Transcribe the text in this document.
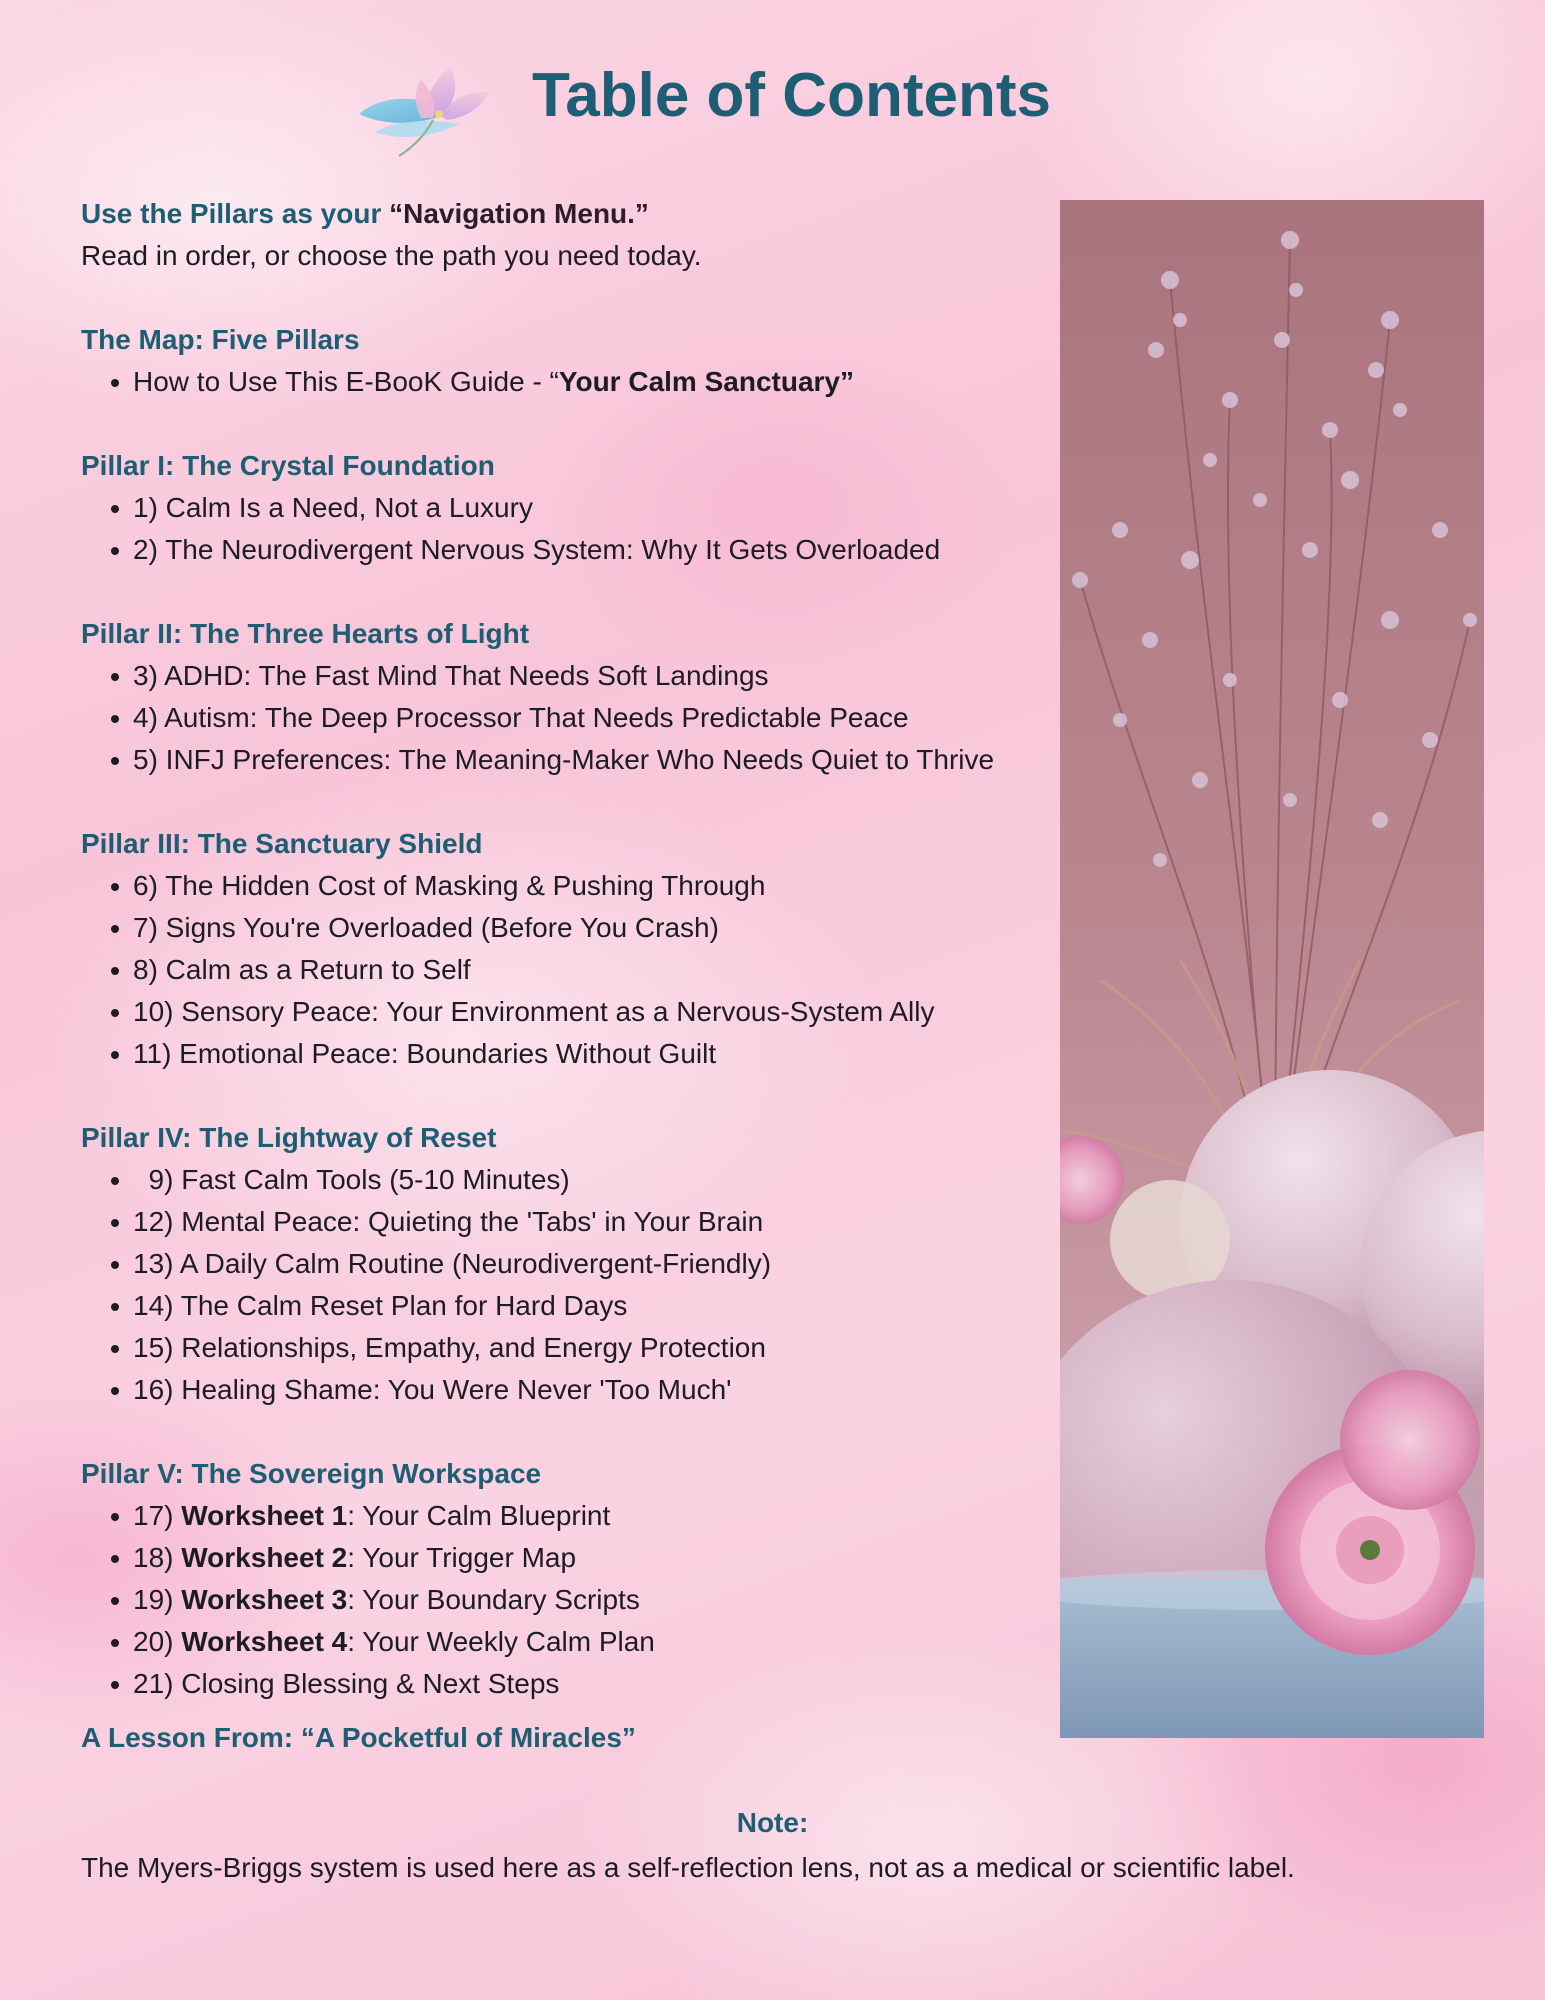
Table of Contents
Use the Pillars as your “Navigation Menu.”
Read in order, or choose the path you need today.
The Map: Five Pillars
How to Use This E-BooK Guide - “Your Calm Sanctuary”
Pillar I: The Crystal Foundation
1) Calm Is a Need, Not a Luxury
2) The Neurodivergent Nervous System: Why It Gets Overloaded
Pillar II: The Three Hearts of Light
3) ADHD: The Fast Mind That Needs Soft Landings
4) Autism: The Deep Processor That Needs Predictable Peace
5) INFJ Preferences: The Meaning-Maker Who Needs Quiet to Thrive
Pillar III: The Sanctuary Shield
6) The Hidden Cost of Masking & Pushing Through
7) Signs You're Overloaded (Before You Crash)
8) Calm as a Return to Self
10) Sensory Peace: Your Environment as a Nervous-System Ally
11) Emotional Peace: Boundaries Without Guilt
Pillar IV: The Lightway of Reset
9) Fast Calm Tools (5-10 Minutes)
12) Mental Peace: Quieting the 'Tabs' in Your Brain
13) A Daily Calm Routine (Neurodivergent-Friendly)
14) The Calm Reset Plan for Hard Days
15) Relationships, Empathy, and Energy Protection
16) Healing Shame: You Were Never 'Too Much'
Pillar V: The Sovereign Workspace
17) Worksheet 1: Your Calm Blueprint
18) Worksheet 2: Your Trigger Map
19) Worksheet 3: Your Boundary Scripts
20) Worksheet 4: Your Weekly Calm Plan
21) Closing Blessing & Next Steps
A Lesson From: “A Pocketful of Miracles”
Note:
The Myers-Briggs system is used here as a self-reflection lens, not as a medical or scientific label.
